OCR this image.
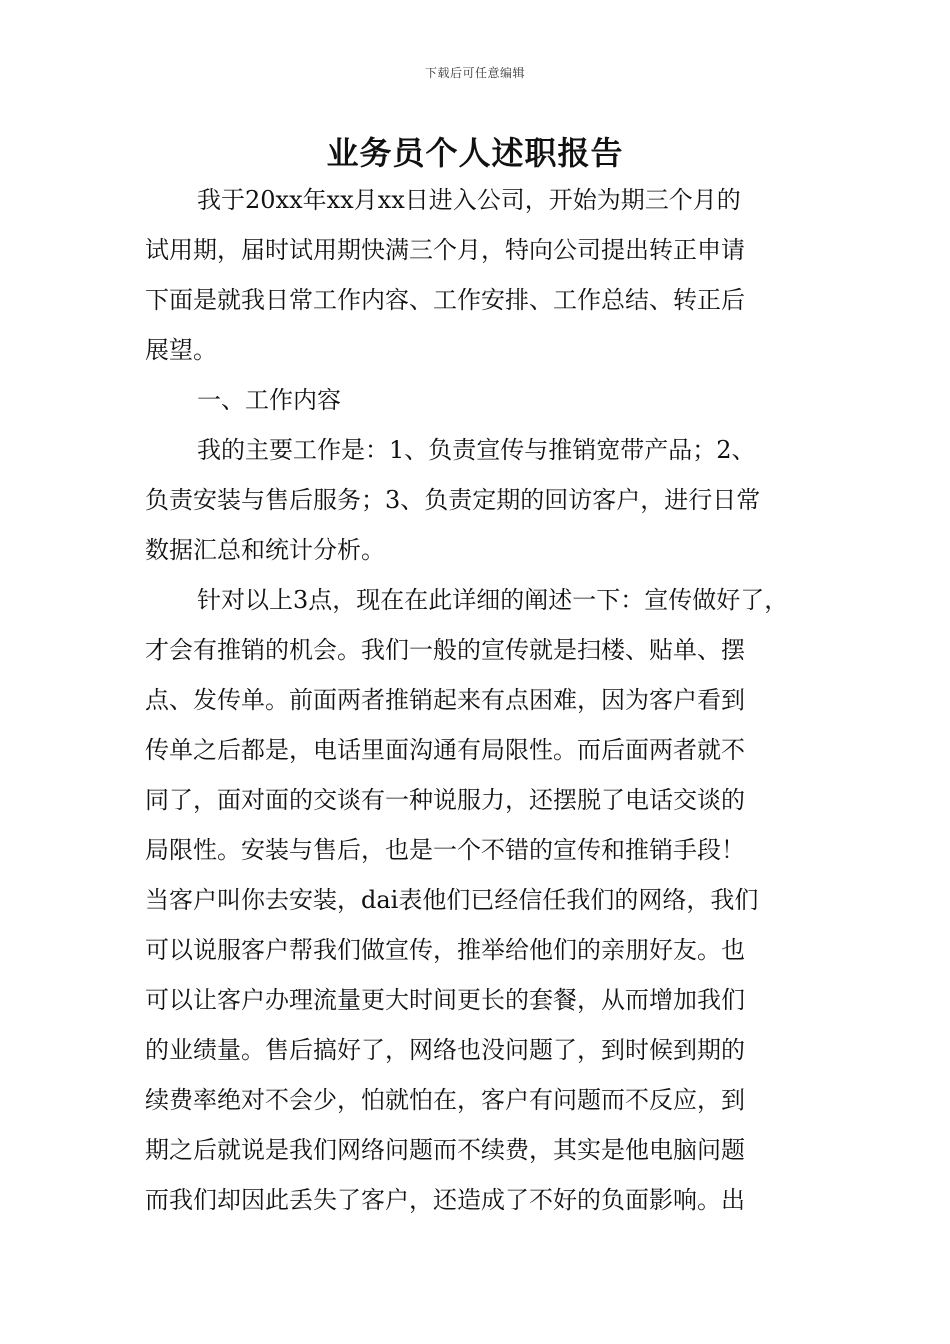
下载后可任意编辑
业务员个人述职报告
我于20xx年xx月xx日进入公司，开始为期三个月的
试用期，届时试用期快满三个月，特向公司提出转正申请
下面是就我日常工作内容、工作安排、工作总结、转正后
展望。
一、工作内容
我的主要工作是：1、负责宣传与推销宽带产品；2、
负责安装与售后服务；3、负责定期的回访客户，进行日常
数据汇总和统计分析。
针对以上3点，现在在此详细的阐述一下：宣传做好了，
才会有推销的机会。我们一般的宣传就是扫楼、贴单、摆
点、发传单。前面两者推销起来有点困难，因为客户看到
传单之后都是，电话里面沟通有局限性。而后面两者就不
同了，面对面的交谈有一种说服力，还摆脱了电话交谈的
局限性。安装与售后，也是一个不错的宣传和推销手段！
当客户叫你去安装，dai表他们已经信任我们的网络，我们
可以说服客户帮我们做宣传，推举给他们的亲朋好友。也
可以让客户办理流量更大时间更长的套餐，从而增加我们
的业绩量。售后搞好了，网络也没问题了，到时候到期的
续费率绝对不会少，怕就怕在，客户有问题而不反应，到
期之后就说是我们网络问题而不续费，其实是他电脑问题
而我们却因此丢失了客户，还造成了不好的负面影响。出
